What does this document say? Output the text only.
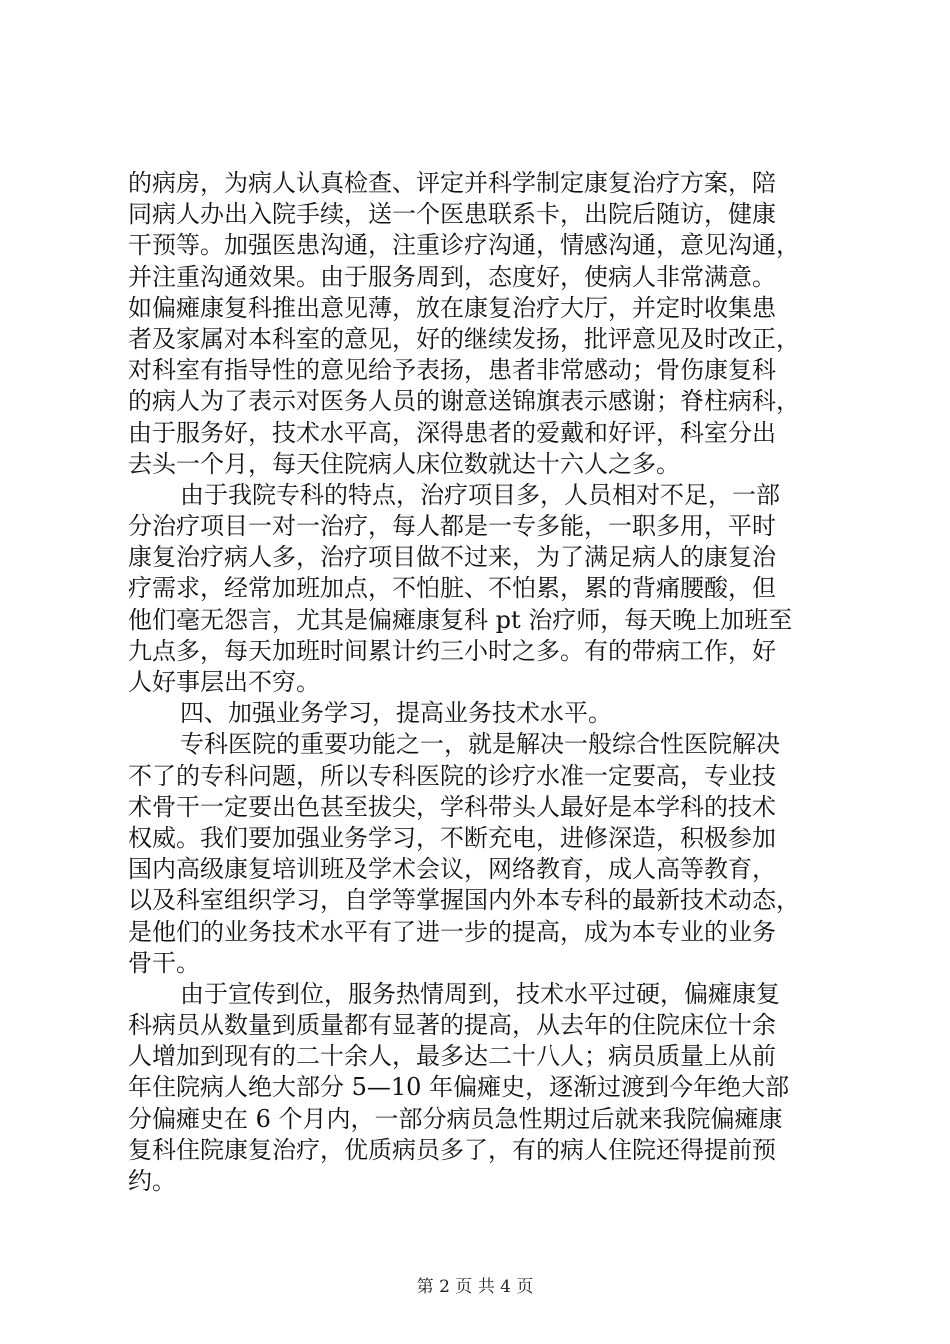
的病房，为病人认真检查、评定并科学制定康复治疗方案，陪
同病人办出入院手续，送一个医患联系卡，出院后随访，健康
干预等。加强医患沟通，注重诊疗沟通，情感沟通，意见沟通，
并注重沟通效果。由于服务周到，态度好，使病人非常满意。
如偏瘫康复科推出意见薄，放在康复治疗大厅，并定时收集患
者及家属对本科室的意见，好的继续发扬，批评意见及时改正，
对科室有指导性的意见给予表扬，患者非常感动；骨伤康复科
的病人为了表示对医务人员的谢意送锦旗表示感谢；脊柱病科，
由于服务好，技术水平高，深得患者的爱戴和好评，科室分出
去头一个月，每天住院病人床位数就达十六人之多。
由于我院专科的特点，治疗项目多，人员相对不足，一部
分治疗项目一对一治疗，每人都是一专多能，一职多用，平时
康复治疗病人多，治疗项目做不过来，为了满足病人的康复治
疗需求，经常加班加点，不怕脏、不怕累，累的背痛腰酸，但
他们毫无怨言，尤其是偏瘫康复科 pt 治疗师，每天晚上加班至
九点多，每天加班时间累计约三小时之多。有的带病工作，好
人好事层出不穷。
四、加强业务学习，提高业务技术水平。
专科医院的重要功能之一，就是解决一般综合性医院解决
不了的专科问题，所以专科医院的诊疗水准一定要高，专业技
术骨干一定要出色甚至拔尖，学科带头人最好是本学科的技术
权威。我们要加强业务学习，不断充电，进修深造，积极参加
国内高级康复培训班及学术会议，网络教育，成人高等教育，
以及科室组织学习，自学等掌握国内外本专科的最新技术动态，
是他们的业务技术水平有了进一步的提高，成为本专业的业务
骨干。
由于宣传到位，服务热情周到，技术水平过硬，偏瘫康复
科病员从数量到质量都有显著的提高，从去年的住院床位十余
人增加到现有的二十余人，最多达二十八人；病员质量上从前
年住院病人绝大部分 5—10 年偏瘫史，逐渐过渡到今年绝大部
分偏瘫史在 6 个月内，一部分病员急性期过后就来我院偏瘫康
复科住院康复治疗，优质病员多了，有的病人住院还得提前预
约。
第 2 页 共 4 页
